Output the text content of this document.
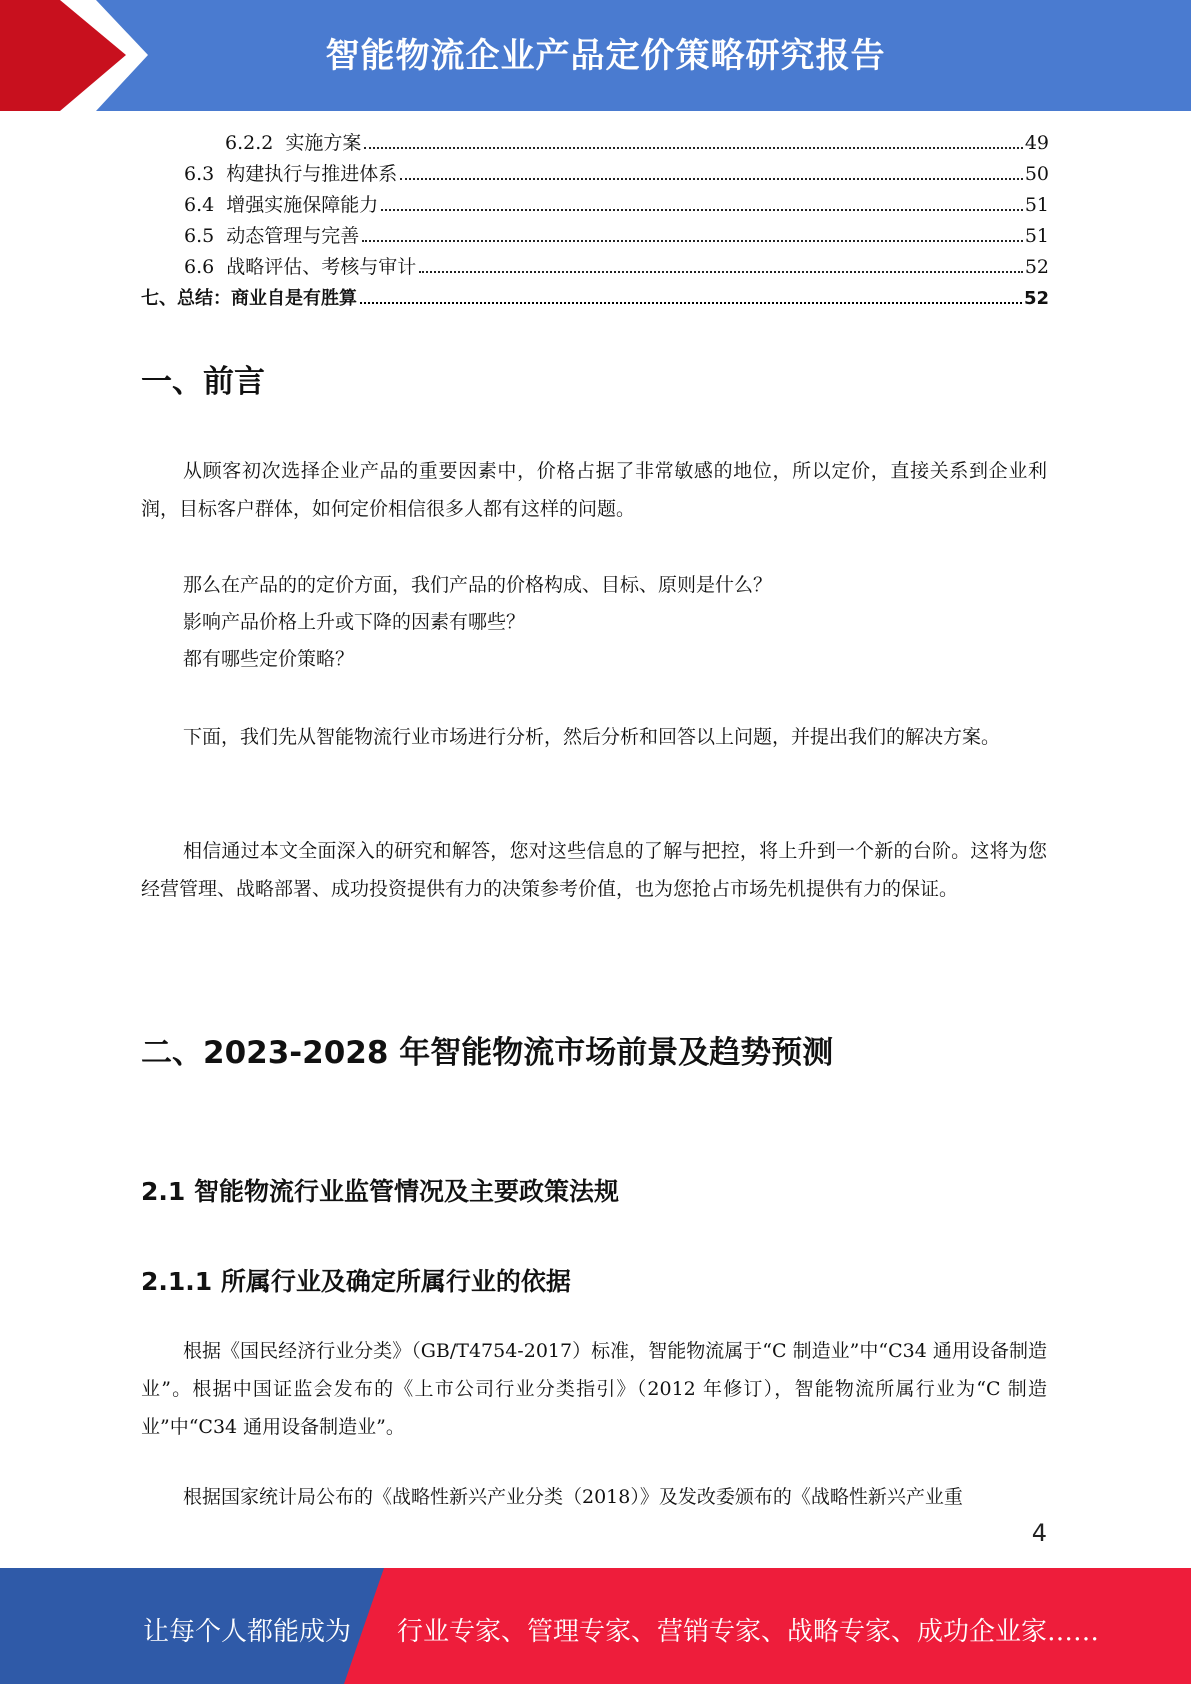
智能物流企业产品定价策略研究报告
6.2.2  实施方案	49
6.3  构建执行与推进体系	50
6.4  增强实施保障能力	51
6.5  动态管理与完善	51
6.6  战略评估、考核与审计	52
七、总结：商业自是有胜算	52
一、前言

从顾客初次选择企业产品的重要因素中，价格占据了非常敏感的地位，所以定价，直接关系到企业利润，目标客户群体，如何定价相信很多人都有这样的问题。

那么在产品的的定价方面，我们产品的价格构成、目标、原则是什么？
影响产品价格上升或下降的因素有哪些？
都有哪些定价策略？

下面，我们先从智能物流行业市场进行分析，然后分析和回答以上问题，并提出我们的解决方案。

相信通过本文全面深入的研究和解答，您对这些信息的了解与把控，将上升到一个新的台阶。这将为您经营管理、战略部署、成功投资提供有力的决策参考价值，也为您抢占市场先机提供有力的保证。

二、2023-2028 年智能物流市场前景及趋势预测
2.1 智能物流行业监管情况及主要政策法规
2.1.1 所属行业及确定所属行业的依据

根据《国民经济行业分类》（GB/T4754-2017）标准，智能物流属于“C 制造业”中“C34 通用设备制造业”。根据中国证监会发布的《上市公司行业分类指引》（2012 年修订），智能物流所属行业为“C 制造业”中“C34 通用设备制造业”。

根据国家统计局公布的《战略性新兴产业分类（2018）》及发改委颁布的《战略性新兴产业重

4
让每个人都能成为 行业专家、管理专家、营销专家、战略专家、成功企业家……
